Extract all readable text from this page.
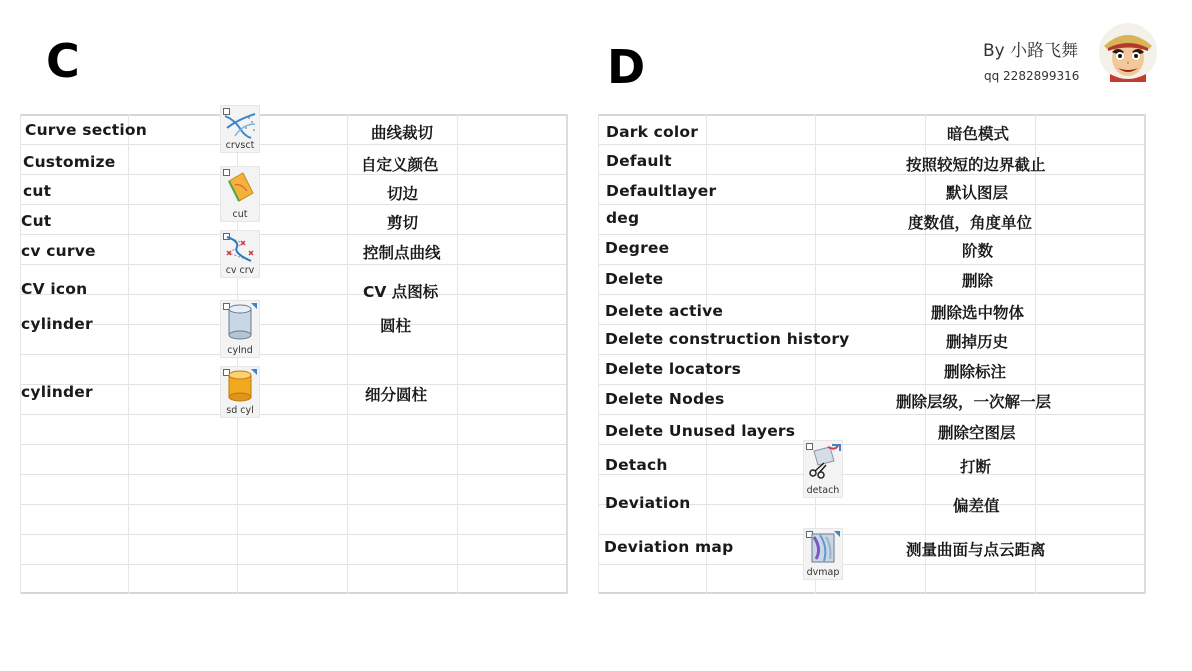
C	D	By 小路飞舞
qq 2282899316
Curve section
Customize
cut
Cut
cv curve
CV icon
cylinder
cylinder
曲线裁切
自定义颜色
切边
剪切
控制点曲线
CV 点图标
圆柱
细分圆柱
crvsct
cut
cv crv
cylnd
sd cyl
Dark color
Default
Defaultlayer
deg
Degree
Delete
Delete active
Delete construction history
Delete locators
Delete Nodes
Delete Unused layers
Detach
Deviation
Deviation map
暗色模式
按照较短的边界截止
默认图层
度数值，角度单位
阶数
删除
删除选中物体
删掉历史
删除标注
删除层级，一次解一层
删除空图层
打断
偏差值
测量曲面与点云距离
detach
dvmap
